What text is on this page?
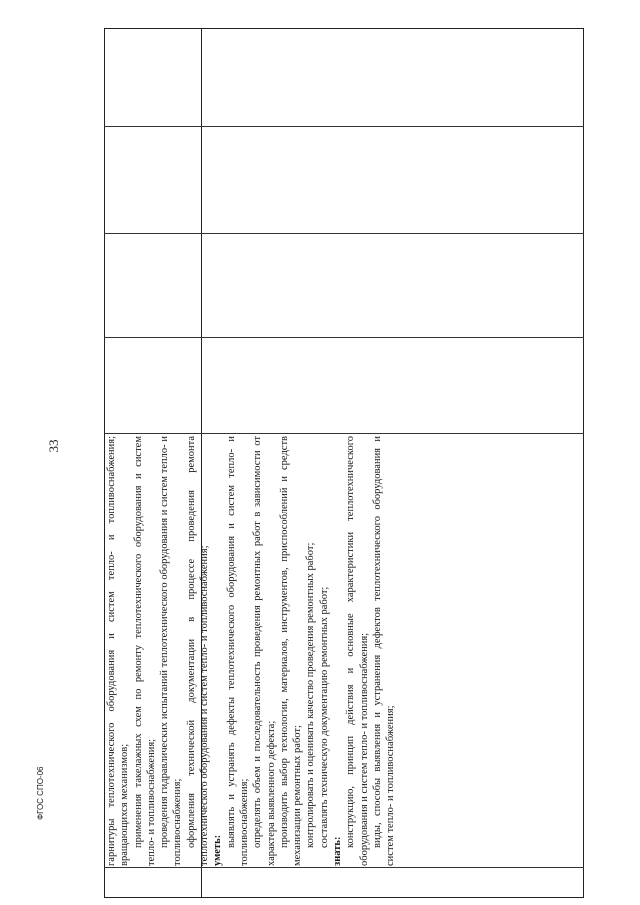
33	гарнитуры теплотехнического оборудования и систем тепло- и топливоснабжения; вращающихся механизмов; применения такелажных схем по ремонту теплотехнического оборудования и систем тепло- и топливоснабжения; проведения гидравлических испытаний теплотехнического оборудования и систем тепло- и топливоснабжения; оформления технической документации в процессе проведения ремонта теплотехнического оборудования и систем тепло- и топливоснабжения; уметь:

выявлять и устранять дефекты теплотехнического оборудования и систем тепло- и топливоснабжения; определять объем и последовательность проведения ремонтных работ в зависимости от характера выявленного дефекта; производить выбор технологии, материалов, инструментов, приспособлений и средств механизации ремонтных работ; контролировать и оценивать качество проведения ремонтных работ; составлять техническую документацию ремонтных работ;

знать:

конструкцию, принцип действия и основные характеристики теплотехнического оборудования и систем тепло- и топливоснабжения; виды, способы выявления и устранения дефектов теплотехнического оборудования и систем тепло- и топливоснабжения;

ФГОС СПО-06
